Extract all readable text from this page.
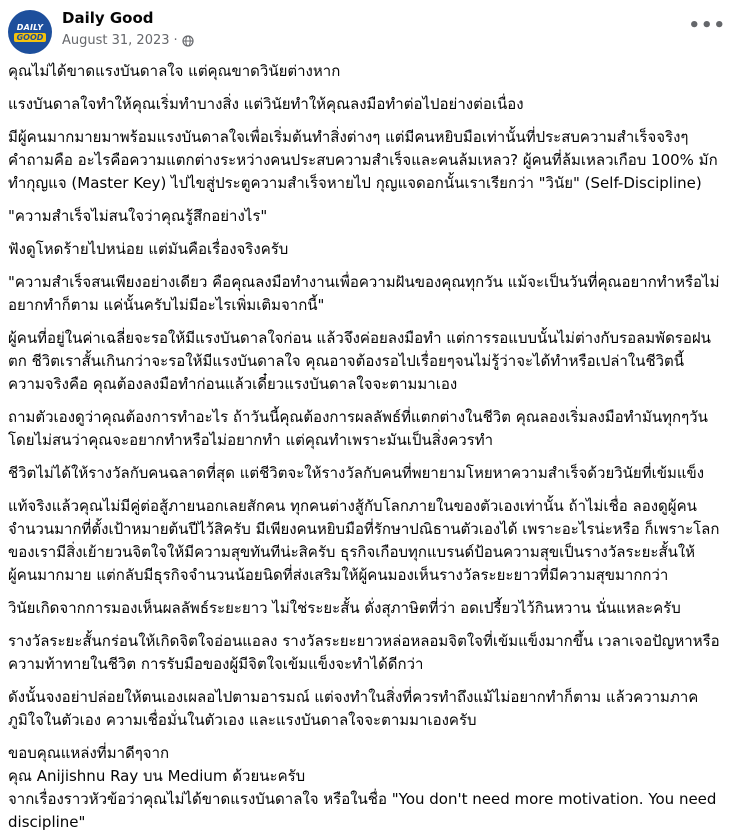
DAILY
GOOD
Daily Good
August 31, 2023 ·
•••

คุณไม่ได้ขาดแรงบันดาลใจ แต่คุณขาดวินัยต่างหาก

แรงบันดาลใจทำให้คุณเริ่มทำบางสิ่ง แต่วินัยทำให้คุณลงมือทำต่อไปอย่างต่อเนื่อง

มีผู้คนมากมายมาพร้อมแรงบันดาลใจเพื่อเริ่มต้นทำสิ่งต่างๆ แต่มีคนหยิบมือเท่านั้นที่ประสบความสำเร็จจริงๆ คำถามคือ อะไรคือความแตกต่างระหว่างคนประสบความสำเร็จและคนล้มเหลว? ผู้คนที่ล้มเหลวเกือบ 100% มักทำกุญแจ (Master Key) ไปไขสู่ประตูความสำเร็จหายไป กุญแจดอกนั้นเราเรียกว่า "วินัย" (Self-Discipline)

"ความสำเร็จไม่สนใจว่าคุณรู้สึกอย่างไร"

ฟังดูโหดร้ายไปหน่อย แต่มันคือเรื่องจริงครับ

"ความสำเร็จสนเพียงอย่างเดียว คือคุณลงมือทำงานเพื่อความฝันของคุณทุกวัน แม้จะเป็นวันที่คุณอยากทำหรือไม่อยากทำก็ตาม แค่นั้นครับไม่มีอะไรเพิ่มเติมจากนี้"

ผู้คนที่อยู่ในค่าเฉลี่ยจะรอให้มีแรงบันดาลใจก่อน แล้วจึงค่อยลงมือทำ แต่การรอแบบนั้นไม่ต่างกับรอลมพัดรอฝนตก ชีวิตเราสั้นเกินกว่าจะรอให้มีแรงบันดาลใจ คุณอาจต้องรอไปเรื่อยๆจนไม่รู้ว่าจะได้ทำหรือเปล่าในชีวิตนี้ ความจริงคือ คุณต้องลงมือทำก่อนแล้วเดี๋ยวแรงบันดาลใจจะตามมาเอง

ถามตัวเองดูว่าคุณต้องการทำอะไร ถ้าวันนี้คุณต้องการผลลัพธ์ที่แตกต่างในชีวิต คุณลองเริ่มลงมือทำมันทุกๆวัน โดยไม่สนว่าคุณจะอยากทำหรือไม่อยากทำ แต่คุณทำเพราะมันเป็นสิ่งควรทำ

ชีวิตไม่ได้ให้รางวัลกับคนฉลาดที่สุด แต่ชีวิตจะให้รางวัลกับคนที่พยายามโหยหาความสำเร็จด้วยวินัยที่เข้มแข็ง

แท้จริงแล้วคุณไม่มีคู่ต่อสู้ภายนอกเลยสักคน ทุกคนต่างสู้กับโลกภายในของตัวเองเท่านั้น ถ้าไม่เชื่อ ลองดูผู้คนจำนวนมากที่ตั้งเป้าหมายต้นปีไว้สิครับ มีเพียงคนหยิบมือที่รักษาปณิธานตัวเองได้ เพราะอะไรน่ะหรือ ก็เพราะโลกของเรามีสิ่งเย้ายวนจิตใจให้มีความสุขทันทีน่ะสิครับ ธุรกิจเกือบทุกแบรนด์ป้อนความสุขเป็นรางวัลระยะสั้นให้ผู้คนมากมาย แต่กลับมีธุรกิจจำนวนน้อยนิดที่ส่งเสริมให้ผู้คนมองเห็นรางวัลระยะยาวที่มีความสุขมากกว่า

วินัยเกิดจากการมองเห็นผลลัพธ์ระยะยาว ไม่ใช่ระยะสั้น ดั่งสุภาษิตที่ว่า อดเปรี้ยวไว้กินหวาน นั่นแหละครับ

รางวัลระยะสั้นกร่อนให้เกิดจิตใจอ่อนแอลง รางวัลระยะยาวหล่อหลอมจิตใจที่เข้มแข็งมากขึ้น เวลาเจอปัญหาหรือความท้าทายในชีวิต การรับมือของผู้มีจิตใจเข้มแข็งจะทำได้ดีกว่า

ดังนั้นจงอย่าปล่อยให้ตนเองเผลอไปตามอารมณ์ แต่จงทำในสิ่งที่ควรทำถึงแม้ไม่อยากทำก็ตาม แล้วความภาคภูมิใจในตัวเอง ความเชื่อมั่นในตัวเอง และแรงบันดาลใจจะตามมาเองครับ

ขอบคุณแหล่งที่มาดีๆจาก
คุณ Anijishnu Ray บน Medium ด้วยนะครับ
จากเรื่องราวหัวข้อว่าคุณไม่ได้ขาดแรงบันดาลใจ หรือในชื่อ "You don't need more motivation. You need discipline"
